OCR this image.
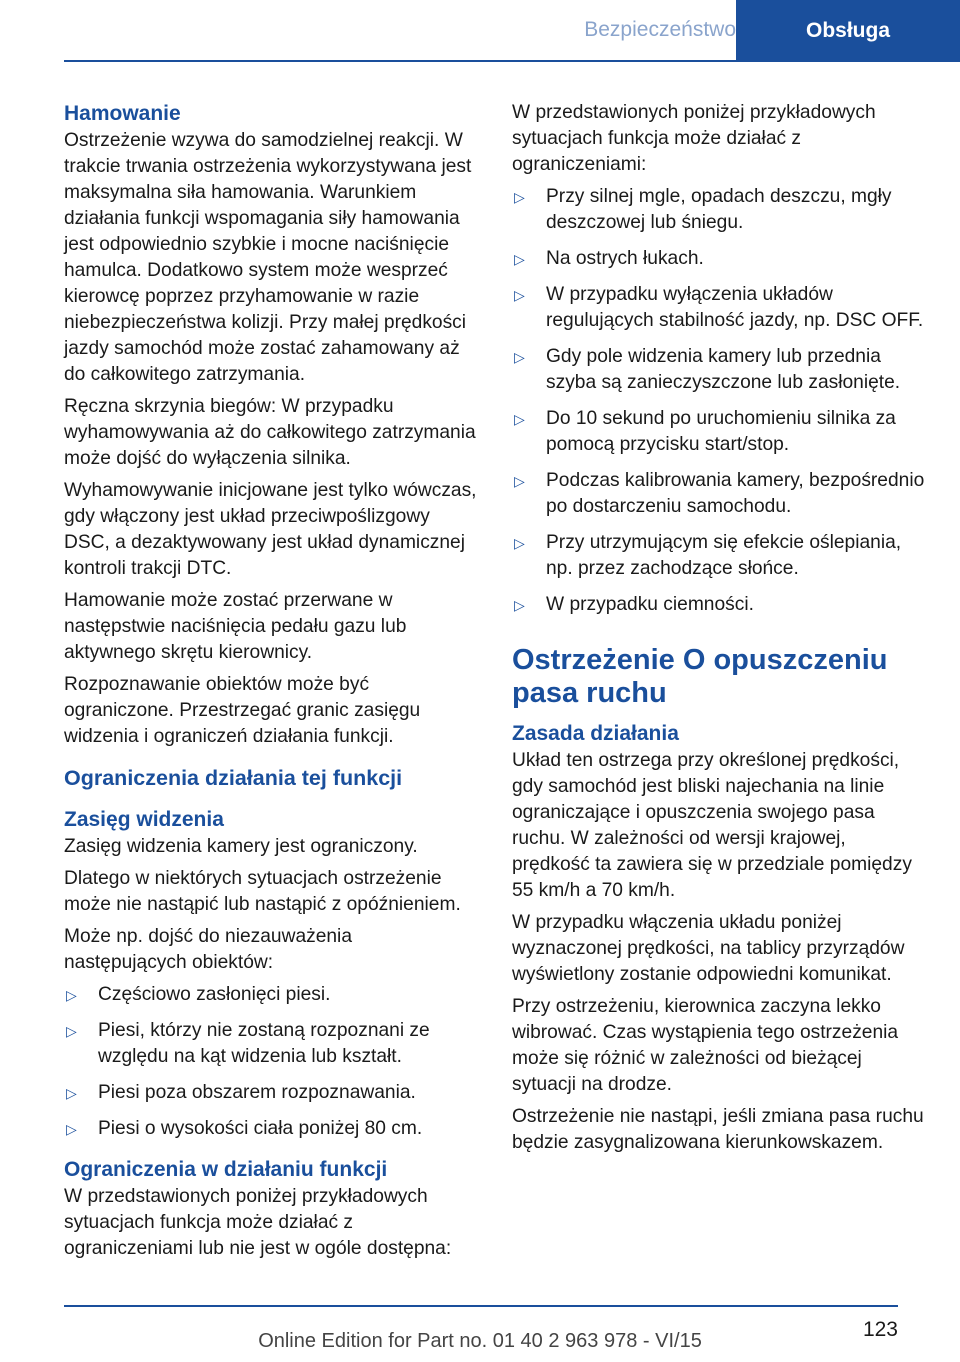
Bezpieczeństwo	Obsługa
Hamowanie

Ostrzeżenie wzywa do samodzielnej reakcji. W trakcie trwania ostrzeżenia wykorzystywana jest maksymalna siła hamowania. Warunkiem działania funkcji wspomagania siły hamowania jest odpowiednio szybkie i mocne naciśnięcie hamulca. Dodatkowo system może wesprzeć kierowcę poprzez przyhamowanie w razie niebezpieczeństwa kolizji. Przy małej prędkości jazdy samochód może zostać zahamowany aż do całkowitego zatrzymania.

Ręczna skrzynia biegów: W przypadku wyhamowywania aż do całkowitego zatrzymania może dojść do wyłączenia silnika.

Wyhamowywanie inicjowane jest tylko wówczas, gdy włączony jest układ przeciwpoślizgowy DSC, a dezaktywowany jest układ dynamicznej kontroli trakcji DTC.

Hamowanie może zostać przerwane w następstwie naciśnięcia pedału gazu lub aktywnego skrętu kierownicy.

Rozpoznawanie obiektów może być ograniczone. Przestrzegać granic zasięgu widzenia i ograniczeń działania funkcji.

Ograniczenia działania tej funkcji
Zasięg widzenia

Zasięg widzenia kamery jest ograniczony.

Dlatego w niektórych sytuacjach ostrzeżenie może nie nastąpić lub nastąpić z opóźnieniem.

Może np. dojść do niezauważenia następujących obiektów:

▷ Częściowo zasłonięci piesi.
▷ Piesi, którzy nie zostaną rozpoznani ze względu na kąt widzenia lub kształt.
▷ Piesi poza obszarem rozpoznawania.
▷ Piesi o wysokości ciała poniżej 80 cm.
Ograniczenia w działaniu funkcji

W przedstawionych poniżej przykładowych sytuacjach funkcja może działać z ograniczeniami lub nie jest w ogóle dostępna:

W przedstawionych poniżej przykładowych sytuacjach funkcja może działać z ograniczeniami:

▷ Przy silnej mgle, opadach deszczu, mgły deszczowej lub śniegu.
▷ Na ostrych łukach.
▷ W przypadku wyłączenia układów regulujących stabilność jazdy, np. DSC OFF.
▷ Gdy pole widzenia kamery lub przednia szyba są zanieczyszczone lub zasłonięte.
▷ Do 10 sekund po uruchomieniu silnika za pomocą przycisku start/stop.
▷ Podczas kalibrowania kamery, bezpośrednio po dostarczeniu samochodu.
▷ Przy utrzymującym się efekcie oślepiania, np. przez zachodzące słońce.
▷ W przypadku ciemności.
Ostrzeżenie O opuszczeniu pasa ruchu
Zasada działania

Układ ten ostrzega przy określonej prędkości, gdy samochód jest bliski najechania na linie ograniczające i opuszczenia swojego pasa ruchu. W zależności od wersji krajowej, prędkość ta zawiera się w przedziale pomiędzy 55 km/h a 70 km/h.

W przypadku włączenia układu poniżej wyznaczonej prędkości, na tablicy przyrządów wyświetlony zostanie odpowiedni komunikat.

Przy ostrzeżeniu, kierownica zaczyna lekko wibrować. Czas wystąpienia tego ostrzeżenia może się różnić w zależności od bieżącej sytuacji na drodze.

Ostrzeżenie nie nastąpi, jeśli zmiana pasa ruchu będzie zasygnalizowana kierunkowskazem.

123
Online Edition for Part no. 01 40 2 963 978 - VI/15
